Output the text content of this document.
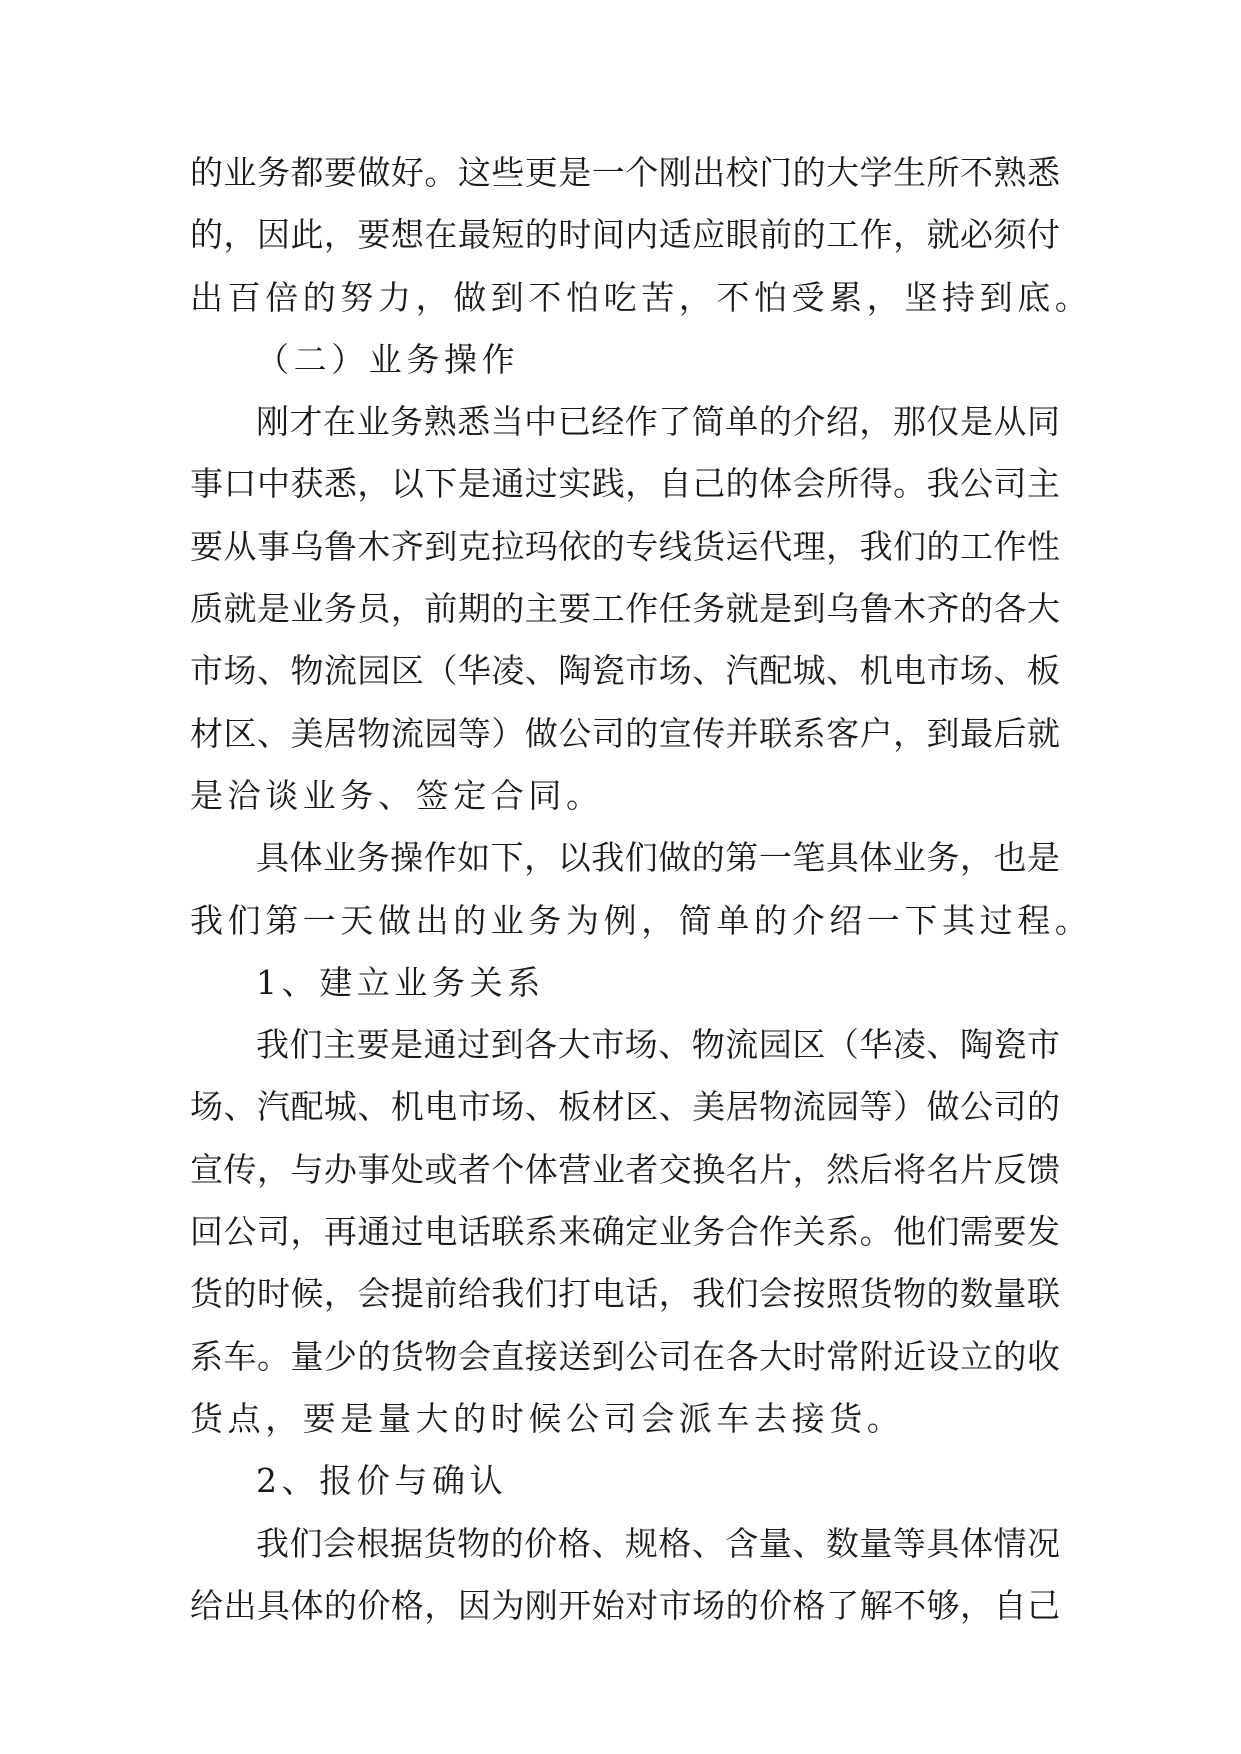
的业务都要做好。这些更是一个刚出校门的大学生所不熟悉
的，因此，要想在最短的时间内适应眼前的工作，就必须付
出百倍的努力，做到不怕吃苦，不怕受累，坚持到底。
（二）业务操作
刚才在业务熟悉当中已经作了简单的介绍，那仅是从同
事口中获悉，以下是通过实践，自己的体会所得。我公司主
要从事乌鲁木齐到克拉玛依的专线货运代理，我们的工作性
质就是业务员，前期的主要工作任务就是到乌鲁木齐的各大
市场、物流园区（华凌、陶瓷市场、汽配城、机电市场、板
材区、美居物流园等）做公司的宣传并联系客户，到最后就
是洽谈业务、签定合同。
具体业务操作如下，以我们做的第一笔具体业务，也是
我们第一天做出的业务为例，简单的介绍一下其过程。
1、建立业务关系
我们主要是通过到各大市场、物流园区（华凌、陶瓷市
场、汽配城、机电市场、板材区、美居物流园等）做公司的
宣传，与办事处或者个体营业者交换名片，然后将名片反馈
回公司，再通过电话联系来确定业务合作关系。他们需要发
货的时候，会提前给我们打电话，我们会按照货物的数量联
系车。量少的货物会直接送到公司在各大时常附近设立的收
货点，要是量大的时候公司会派车去接货。
2、报价与确认
我们会根据货物的价格、规格、含量、数量等具体情况
给出具体的价格，因为刚开始对市场的价格了解不够，自己
